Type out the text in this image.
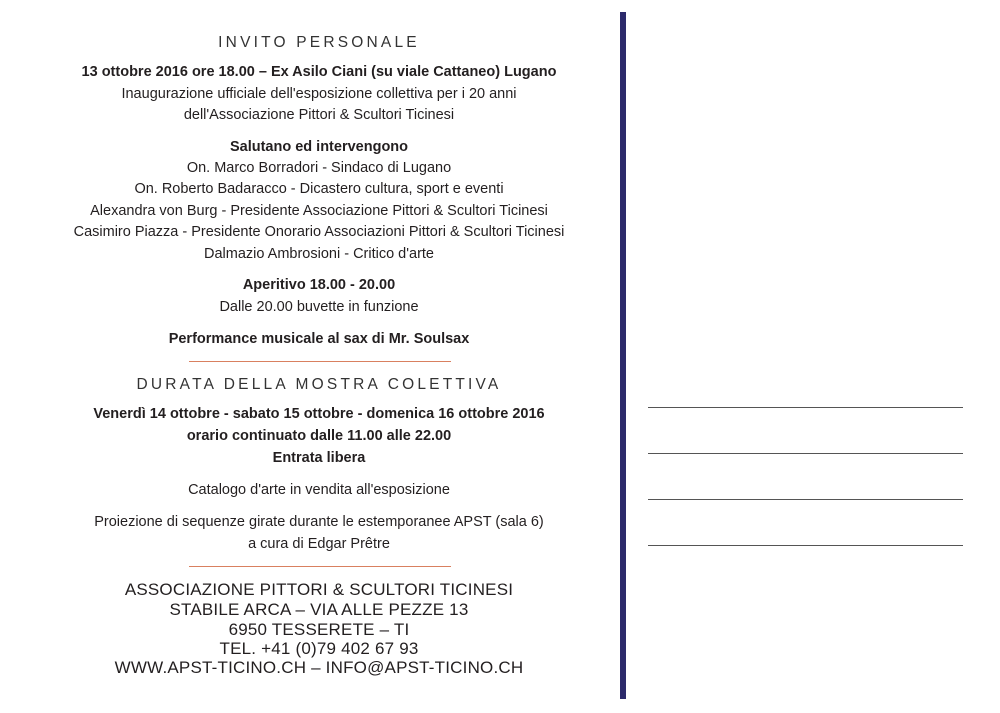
INVITO PERSONALE
13 ottobre 2016 ore 18.00 – Ex Asilo Ciani (su viale Cattaneo) Lugano
Inaugurazione ufficiale dell'esposizione collettiva per i 20 anni
dell'Associazione Pittori & Scultori Ticinesi
Salutano ed intervengono
On. Marco Borradori - Sindaco di Lugano
On. Roberto Badaracco - Dicastero cultura, sport e eventi
Alexandra von Burg - Presidente Associazione Pittori & Scultori Ticinesi
Casimiro Piazza - Presidente Onorario Associazioni Pittori & Scultori Ticinesi
Dalmazio Ambrosioni - Critico d'arte
Aperitivo 18.00 - 20.00
Dalle 20.00 buvette in funzione
Performance musicale al sax di Mr. Soulsax
DURATA DELLA MOSTRA COLETTIVA
Venerdì 14 ottobre - sabato 15 ottobre - domenica 16 ottobre 2016
orario continuato dalle 11.00 alle 22.00
Entrata libera
Catalogo d'arte in vendita all'esposizione
Proiezione di sequenze girate durante le estemporanee APST (sala 6)
a cura di Edgar Prêtre
ASSOCIAZIONE PITTORI & SCULTORI TICINESI
STABILE ARCA – VIA ALLE PEZZE 13
6950 TESSERETE – TI
TEL. +41 (0)79 402 67 93
WWW.APST-TICINO.CH – INFO@APST-TICINO.CH
